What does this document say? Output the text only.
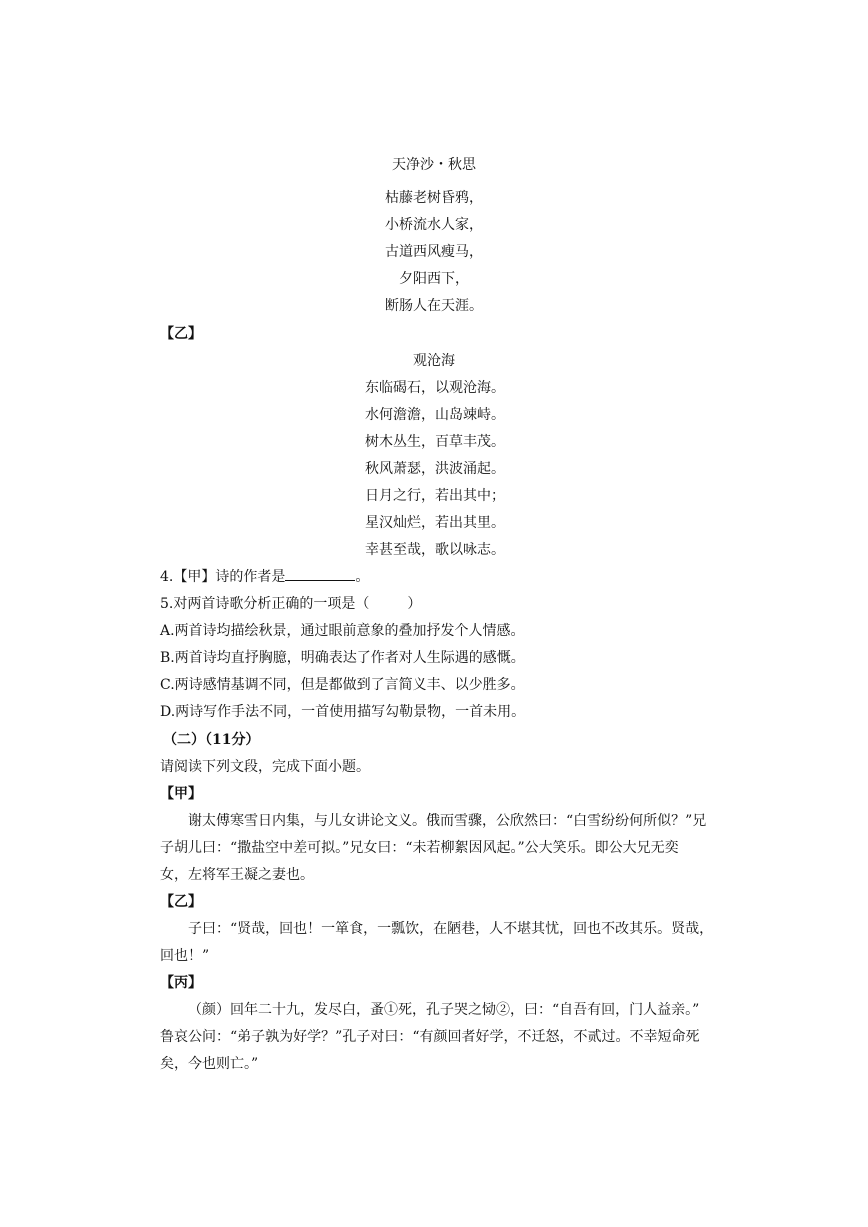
天净沙・秋思
枯藤老树昏鸦，
小桥流水人家，
古道西风瘦马，
夕阳西下，
断肠人在天涯。
【乙】
观沧海
东临碣石，以观沧海。
水何澹澹，山岛竦峙。
树木丛生，百草丰茂。
秋风萧瑟，洪波涌起。
日月之行，若出其中；
星汉灿烂，若出其里。
幸甚至哉，歌以咏志。
4.【甲】诗的作者是	。
5.对两首诗歌分析正确的一项是（	）
A.两首诗均描绘秋景，通过眼前意象的叠加抒发个人情感。
B.两首诗均直抒胸臆，明确表达了作者对人生际遇的感慨。
C.两诗感情基调不同，但是都做到了言简义丰、以少胜多。
D.两诗写作手法不同，一首使用描写勾勒景物，一首未用。
（二）（11分）
请阅读下列文段，完成下面小题。
【甲】
谢太傅寒雪日内集，与儿女讲论文义。俄而雪骤，公欣然曰：“白雪纷纷何所似？”兄
子胡儿曰：“撒盐空中差可拟。”兄女曰：“未若柳絮因风起。”公大笑乐。即公大兄无奕
女，左将军王凝之妻也。
【乙】
子曰：“贤哉，回也！一箪食，一瓢饮，在陋巷，人不堪其忧，回也不改其乐。贤哉，
回也！”
【丙】
（颜）回年二十九，发尽白，蚤①死，孔子哭之恸②，曰：“自吾有回，门人益亲。”
鲁哀公问：“弟子孰为好学？”孔子对曰：“有颜回者好学，不迁怒，不贰过。不幸短命死
矣，今也则亡。”
